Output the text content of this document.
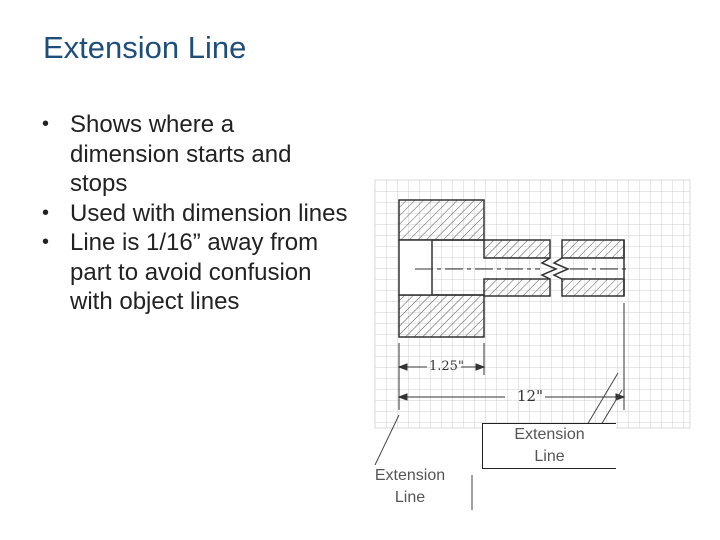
Extension Line
• Shows where a dimension starts and stops
• Used with dimension lines
• Line is 1/16” away from part to avoid confusion with object lines
1.25"
12"
Extension
Line
Extension
Line
